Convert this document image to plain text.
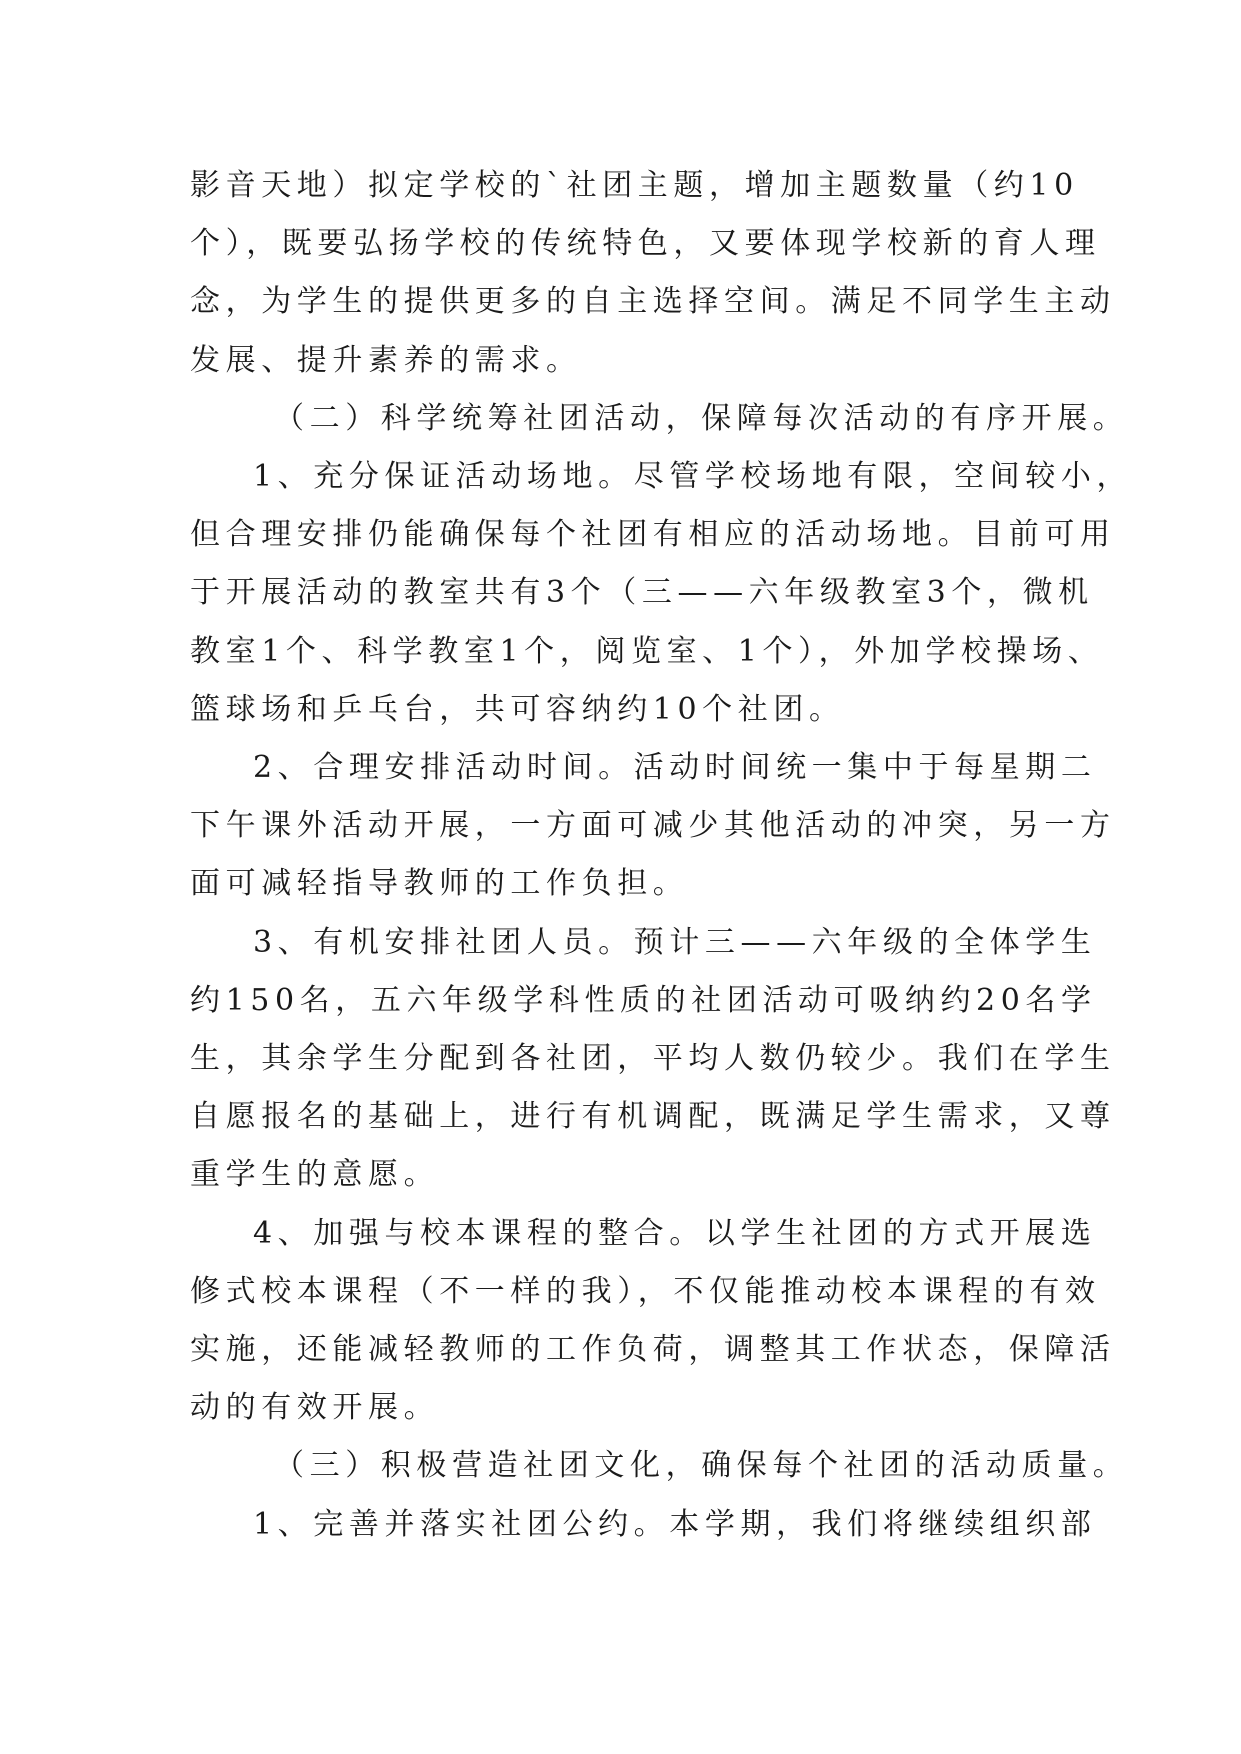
影音天地）拟定学校的`社团主题，增加主题数量（约10
个），既要弘扬学校的传统特色，又要体现学校新的育人理
念，为学生的提供更多的自主选择空间。满足不同学生主动
发展、提升素养的需求。

（二）科学统筹社团活动，保障每次活动的有序开展。

1、充分保证活动场地。尽管学校场地有限，空间较小，
但合理安排仍能确保每个社团有相应的活动场地。目前可用
于开展活动的教室共有3个（三——六年级教室3个，微机
教室1个、科学教室1个，阅览室、1个），外加学校操场、
篮球场和乒乓台，共可容纳约10个社团。

2、合理安排活动时间。活动时间统一集中于每星期二
下午课外活动开展，一方面可减少其他活动的冲突，另一方
面可减轻指导教师的工作负担。

3、有机安排社团人员。预计三——六年级的全体学生
约150名，五六年级学科性质的社团活动可吸纳约20名学
生，其余学生分配到各社团，平均人数仍较少。我们在学生
自愿报名的基础上，进行有机调配，既满足学生需求，又尊
重学生的意愿。

4、加强与校本课程的整合。以学生社团的方式开展选
修式校本课程（不一样的我），不仅能推动校本课程的有效
实施，还能减轻教师的工作负荷，调整其工作状态，保障活
动的有效开展。

（三）积极营造社团文化，确保每个社团的活动质量。

1、完善并落实社团公约。本学期，我们将继续组织部
